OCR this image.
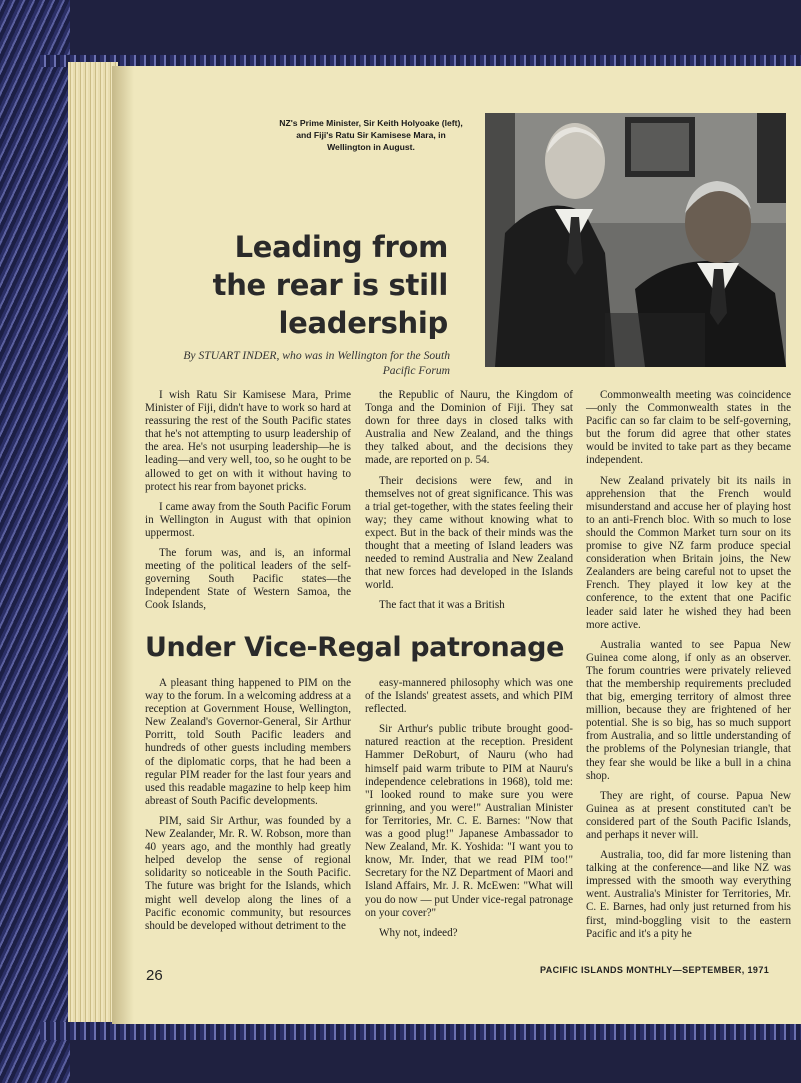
NZ's Prime Minister, Sir Keith Holyoake (left), and Fiji's Ratu Sir Kamisese Mara, in Wellington in August.
Leading from the rear is still leadership
By STUART INDER, who was in Wellington for the South Pacific Forum

I wish Ratu Sir Kamisese Mara, Prime Minister of Fiji, didn't have to work so hard at reassuring the rest of the South Pacific states that he's not attempting to usurp leadership of the area. He's not usurping leadership—he is leading—and very well, too, so he ought to be allowed to get on with it without having to protect his rear from bayonet pricks.

I came away from the South Pacific Forum in Wellington in August with that opinion uppermost.

The forum was, and is, an informal meeting of the political leaders of the self-governing South Pacific states—the Independent State of Western Samoa, the Cook Islands,

the Republic of Nauru, the Kingdom of Tonga and the Dominion of Fiji. They sat down for three days in closed talks with Australia and New Zealand, and the things they talked about, and the decisions they made, are reported on p. 54.

Their decisions were few, and in themselves not of great significance. This was a trial get-together, with the states feeling their way; they came without knowing what to expect. But in the back of their minds was the thought that a meeting of Island leaders was needed to remind Australia and New Zealand that new forces had developed in the Islands world.

The fact that it was a British

Commonwealth meeting was coincidence—only the Commonwealth states in the Pacific can so far claim to be self-governing, but the forum did agree that other states would be invited to take part as they became independent.

New Zealand privately bit its nails in apprehension that the French would misunderstand and accuse her of playing host to an anti-French bloc. With so much to lose should the Common Market turn sour on its promise to give NZ farm produce special consideration when Britain joins, the New Zealanders are being careful not to upset the French. They played it low key at the conference, to the extent that one Pacific leader said later he wished they had been more active.

Australia wanted to see Papua New Guinea come along, if only as an observer. The forum countries were privately relieved that the membership requirements precluded that big, emerging territory of almost three million, because they are frightened of her potential. She is so big, has so much support from Australia, and so little understanding of the problems of the Polynesian triangle, that they fear she would be like a bull in a china shop.

They are right, of course. Papua New Guinea as at present constituted can't be considered part of the South Pacific Islands, and perhaps it never will.

Australia, too, did far more listening than talking at the conference—and like NZ was impressed with the smooth way everything went. Australia's Minister for Territories, Mr. C. E. Barnes, had only just returned from his first, mind-boggling visit to the eastern Pacific and it's a pity he

Under Vice-Regal patronage

A pleasant thing happened to PIM on the way to the forum. In a welcoming address at a reception at Government House, Wellington, New Zealand's Governor-General, Sir Arthur Porritt, told South Pacific leaders and hundreds of other guests including members of the diplomatic corps, that he had been a regular PIM reader for the last four years and used this readable magazine to help keep him abreast of South Pacific developments.

PIM, said Sir Arthur, was founded by a New Zealander, Mr. R. W. Robson, more than 40 years ago, and the monthly had greatly helped develop the sense of regional solidarity so noticeable in the South Pacific. The future was bright for the Islands, which might well develop along the lines of a Pacific economic community, but resources should be developed without detriment to the

easy-mannered philosophy which was one of the Islands' greatest assets, and which PIM reflected.

Sir Arthur's public tribute brought good-natured reaction at the reception. President Hammer DeRoburt, of Nauru (who had himself paid warm tribute to PIM at Nauru's independence celebrations in 1968), told me: "I looked round to make sure you were grinning, and you were!" Australian Minister for Territories, Mr. C. E. Barnes: "Now that was a good plug!" Japanese Ambassador to New Zealand, Mr. K. Yoshida: "I want you to know, Mr. Inder, that we read PIM too!" Secretary for the NZ Department of Maori and Island Affairs, Mr. J. R. McEwen: "What will you do now — put Under vice-regal patronage on your cover?"

Why not, indeed?

26	PACIFIC ISLANDS MONTHLY—SEPTEMBER, 1971
